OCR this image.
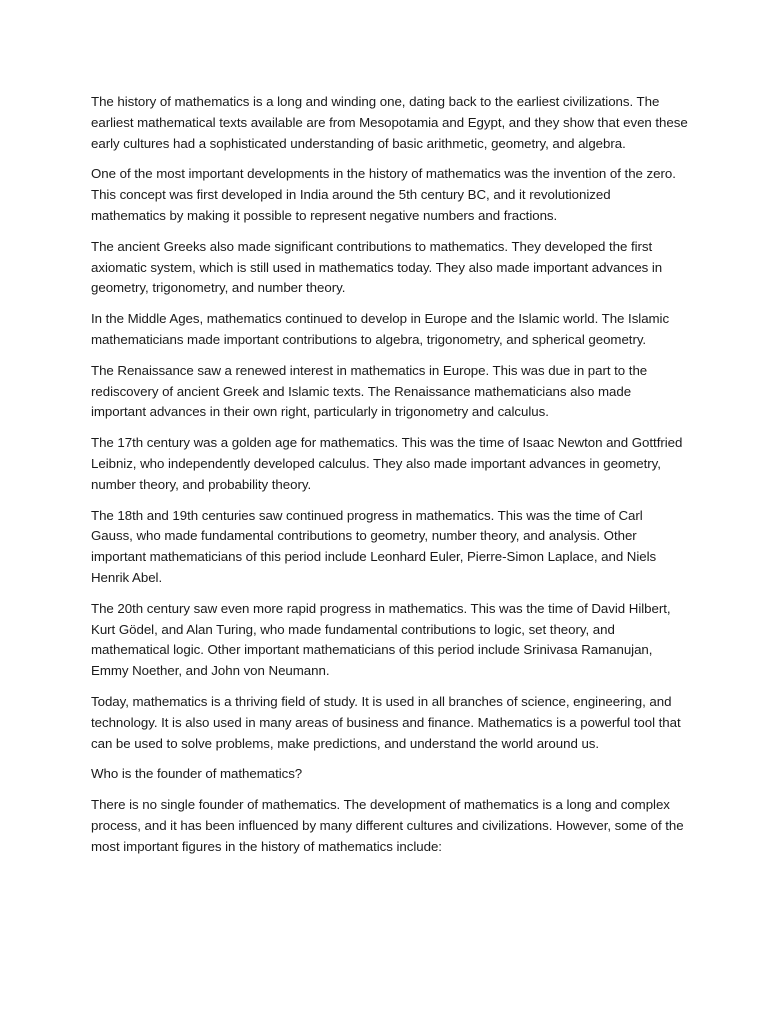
The history of mathematics is a long and winding one, dating back to the earliest civilizations. The earliest mathematical texts available are from Mesopotamia and Egypt, and they show that even these early cultures had a sophisticated understanding of basic arithmetic, geometry, and algebra.

One of the most important developments in the history of mathematics was the invention of the zero. This concept was first developed in India around the 5th century BC, and it revolutionized mathematics by making it possible to represent negative numbers and fractions.

The ancient Greeks also made significant contributions to mathematics. They developed the first axiomatic system, which is still used in mathematics today. They also made important advances in geometry, trigonometry, and number theory.

In the Middle Ages, mathematics continued to develop in Europe and the Islamic world. The Islamic mathematicians made important contributions to algebra, trigonometry, and spherical geometry.

The Renaissance saw a renewed interest in mathematics in Europe. This was due in part to the rediscovery of ancient Greek and Islamic texts. The Renaissance mathematicians also made important advances in their own right, particularly in trigonometry and calculus.

The 17th century was a golden age for mathematics. This was the time of Isaac Newton and Gottfried Leibniz, who independently developed calculus. They also made important advances in geometry, number theory, and probability theory.

The 18th and 19th centuries saw continued progress in mathematics. This was the time of Carl Gauss, who made fundamental contributions to geometry, number theory, and analysis. Other important mathematicians of this period include Leonhard Euler, Pierre-Simon Laplace, and Niels Henrik Abel.

The 20th century saw even more rapid progress in mathematics. This was the time of David Hilbert, Kurt Gödel, and Alan Turing, who made fundamental contributions to logic, set theory, and mathematical logic. Other important mathematicians of this period include Srinivasa Ramanujan, Emmy Noether, and John von Neumann.

Today, mathematics is a thriving field of study. It is used in all branches of science, engineering, and technology. It is also used in many areas of business and finance. Mathematics is a powerful tool that can be used to solve problems, make predictions, and understand the world around us.

Who is the founder of mathematics?

There is no single founder of mathematics. The development of mathematics is a long and complex process, and it has been influenced by many different cultures and civilizations. However, some of the most important figures in the history of mathematics include:
